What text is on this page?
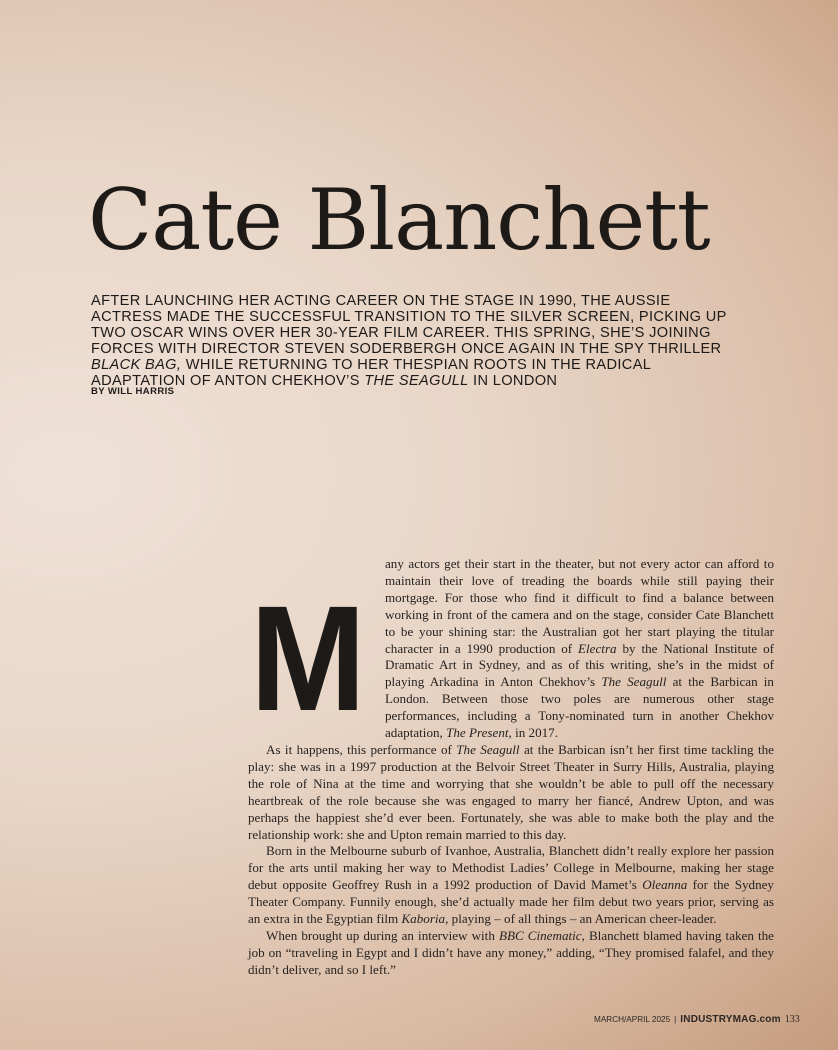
Cate Blanchett

AFTER LAUNCHING HER ACTING CAREER ON THE STAGE IN 1990, THE AUSSIE ACTRESS MADE THE SUCCESSFUL TRANSITION TO THE SILVER SCREEN, PICKING UP TWO OSCAR WINS OVER HER 30-YEAR FILM CAREER. THIS SPRING, SHE’S JOINING FORCES WITH DIRECTOR STEVEN SODERBERGH ONCE AGAIN IN THE SPY THRILLER BLACK BAG, WHILE RETURNING TO HER THESPIAN ROOTS IN THE RADICAL ADAPTATION OF ANTON CHEKHOV’S THE SEAGULL IN LONDON

BY WILL HARRIS

M

any actors get their start in the theater, but not every actor can afford to maintain their love of treading the boards while still paying their mortgage. For those who find it difficult to find a balance between working in front of the camera and on the stage, consider Cate Blanchett to be your shining star: the Australian got her start playing the titular character in a 1990 production of Electra by the National Institute of Dramatic Art in Sydney, and as of this writing, she’s in the midst of playing Arkadina in Anton Chekhov’s The Seagull at the Barbican in London. Between those two poles are numerous other stage performances, including a Tony-nominated turn in another Chekhov adaptation, The Present, in 2017.

As it happens, this performance of The Seagull at the Barbican isn’t her first time tackling the play: she was in a 1997 production at the Belvoir Street Theater in Surry Hills, Australia, playing the role of Nina at the time and worrying that she wouldn’t be able to pull off the necessary heartbreak of the role because she was engaged to marry her fiancé, Andrew Upton, and was perhaps the happiest she’d ever been. Fortunately, she was able to make both the play and the relationship work: she and Upton remain married to this day.

Born in the Melbourne suburb of Ivanhoe, Australia, Blanchett didn’t really explore her passion for the arts until making her way to Methodist Ladies’ College in Melbourne, making her stage debut opposite Geoffrey Rush in a 1992 production of David Mamet’s Oleanna for the Sydney Theater Company. Funnily enough, she’d actually made her film debut two years prior, serving as an extra in the Egyptian film Kaboria, playing – of all things – an American cheer-leader.

When brought up during an interview with BBC Cinematic, Blanchett blamed having taken the job on “traveling in Egypt and I didn’t have any money,” adding, “They promised falafel, and they didn’t deliver, and so I left.”

MARCH/APRIL 2025 | INDUSTRYMAG.com 133
